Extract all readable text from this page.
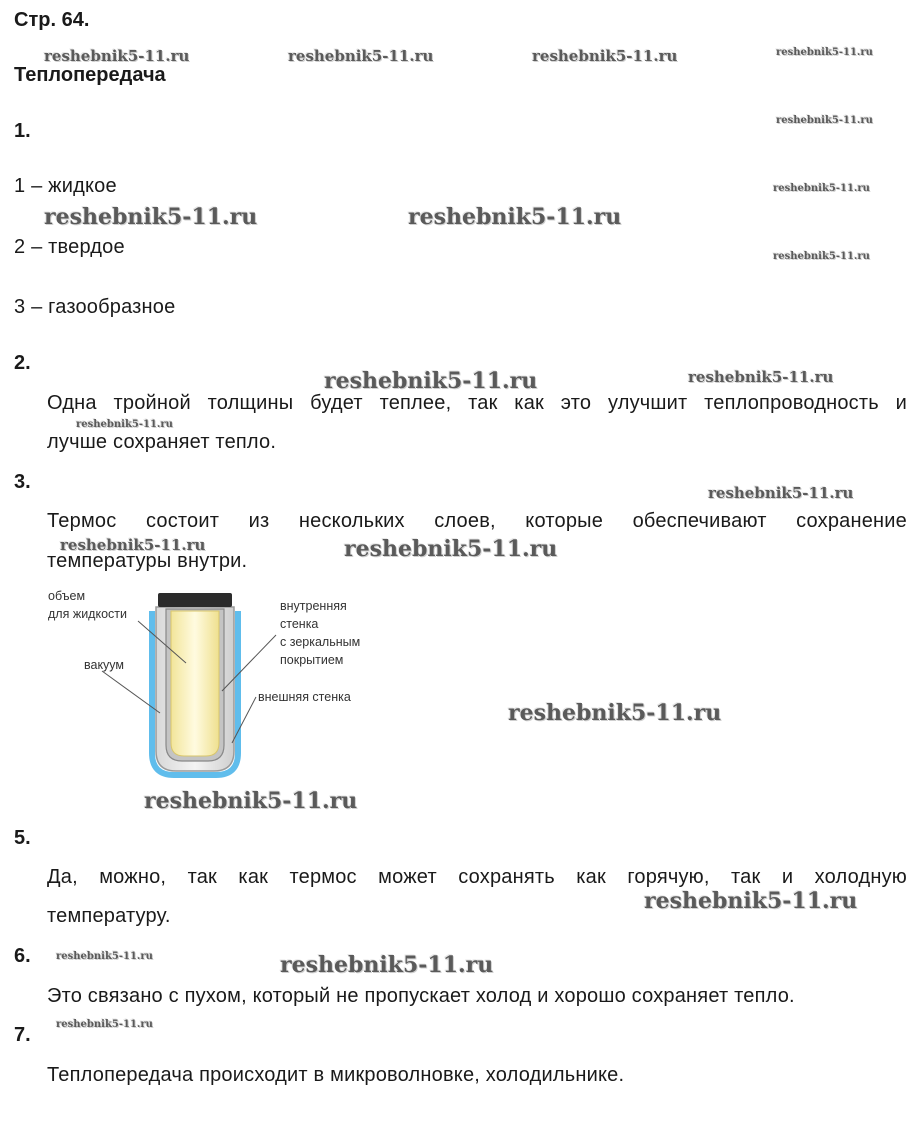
Стр. 64.
Теплопередача
1.
1 – жидкое
2 – твердое
3 – газообразное
2.
Одна тройной толщины будет теплее, так как это улучшит теплопроводность и
лучше сохраняет тепло.
3.
Термос состоит из нескольких слоев, которые обеспечивают сохранение
температуры внутри.
объем
для жидкости
вакуум
внутренняя
стенка
с зеркальным
покрытием
внешняя стенка
5.
Да, можно, так как термос может сохранять как горячую, так и холодную
температуру.
6.
Это связано с пухом, который не пропускает холод и хорошо сохраняет тепло.
7.
Теплопередача происходит в микроволновке, холодильнике.
reshebnik5-11.ru	reshebnik5-11.ru	reshebnik5-11.ru	reshebnik5-11.ru
reshebnik5-11.ru
reshebnik5-11.ru
reshebnik5-11.ru	reshebnik5-11.ru
reshebnik5-11.ru
reshebnik5-11.ru	reshebnik5-11.ru
reshebnik5-11.ru
reshebnik5-11.ru
reshebnik5-11.ru	reshebnik5-11.ru
reshebnik5-11.ru
reshebnik5-11.ru
reshebnik5-11.ru
reshebnik5-11.ru	reshebnik5-11.ru
reshebnik5-11.ru
